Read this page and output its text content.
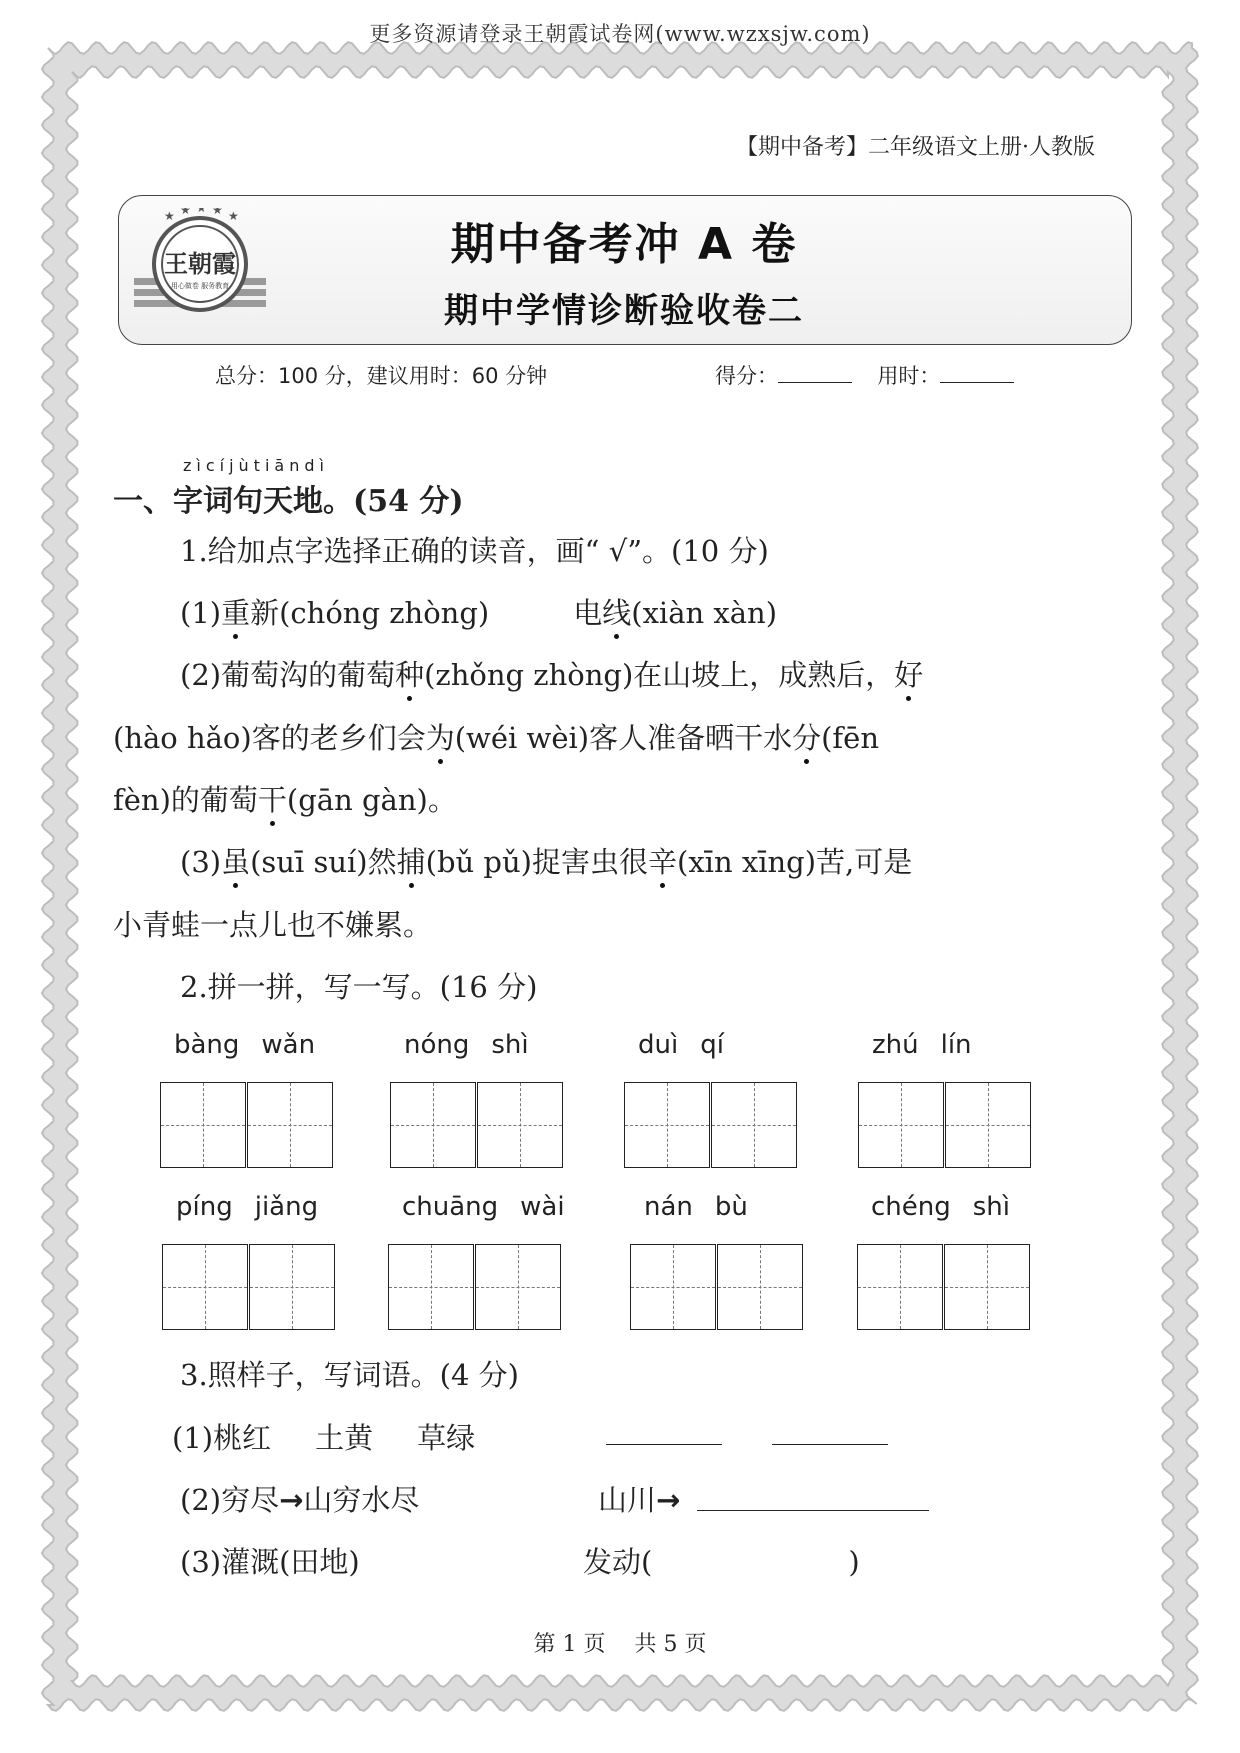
更多资源请登录王朝霞试卷网(www.wzxsjw.com)
【期中备考】二年级语文上册·人教版
★ ★ ★ ★ ★
王朝霞
用心做卷 服务教育
期中备考冲 A 卷
期中学情诊断验收卷二
总分：100 分，建议用时：60 分钟	得分：	用时：
zìcíjùtiāndì
一、字词句天地。(54 分)
1.给加点字选择正确的读音，画“ √”。(10 分)
(1)重新(chóng zhòng)	电线(xiàn xàn)
(2)葡萄沟的葡萄种(zhǒng zhòng)在山坡上，成熟后，好
(hào hǎo)客的老乡们会为(wéi wèi)客人准备晒干水分(fēn
fèn)的葡萄干(gān gàn)。
(3)虽(suī suí)然捕(bǔ pǔ)捉害虫很辛(xīn xīng)苦,可是
小青蛙一点儿也不嫌累。
2.拼一拼，写一写。(16 分)
bàng wǎn	nóng shì	duì qí	zhú lín
píng jiǎng	chuāng wài	nán bù	chéng shì
3.照样子，写词语。(4 分)
(1)桃红 土黄 草绿
(2)穷尽→山穷水尽	山川→
(3)灌溉(田地)	发动(	)
第 1 页　 共 5 页
